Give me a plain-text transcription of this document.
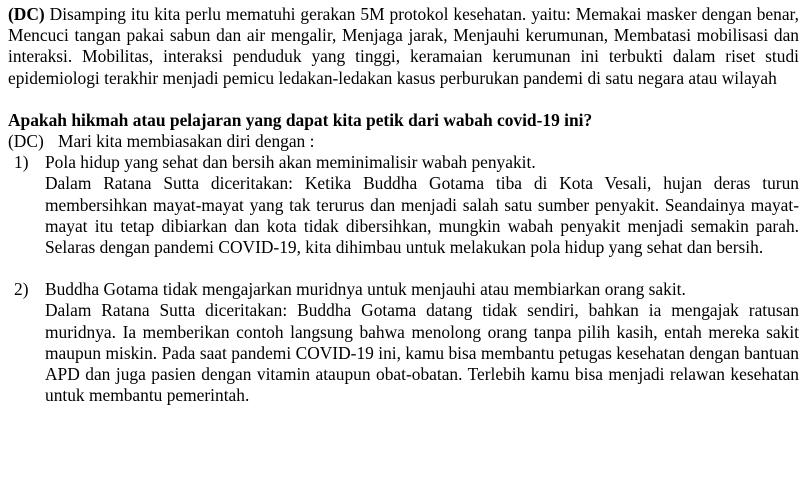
(DC) Disamping itu kita perlu mematuhi gerakan 5M protokol kesehatan. yaitu: Memakai masker dengan benar, Mencuci tangan pakai sabun dan air mengalir, Menjaga jarak, Menjauhi kerumunan, Membatasi mobilisasi dan interaksi. Mobilitas, interaksi penduduk yang tinggi, keramaian kerumunan ini terbukti dalam riset studi epidemiologi terakhir menjadi pemicu ledakan-ledakan kasus perburukan pandemi di satu negara atau wilayah

Apakah hikmah atau pelajaran yang dapat kita petik dari wabah covid-19 ini?

(DC) Mari kita membiasakan diri dengan :

1) Pola hidup yang sehat dan bersih akan meminimalisir wabah penyakit.

Dalam Ratana Sutta diceritakan: Ketika Buddha Gotama tiba di Kota Vesali, hujan deras turun membersihkan mayat-mayat yang tak terurus dan menjadi salah satu sumber penyakit. Seandainya mayat-mayat itu tetap dibiarkan dan kota tidak dibersihkan, mungkin wabah penyakit menjadi semakin parah. Selaras dengan pandemi COVID-19, kita dihimbau untuk melakukan pola hidup yang sehat dan bersih.

2) Buddha Gotama tidak mengajarkan muridnya untuk menjauhi atau membiarkan orang sakit.

Dalam Ratana Sutta diceritakan: Buddha Gotama datang tidak sendiri, bahkan ia mengajak ratusan muridnya. Ia memberikan contoh langsung bahwa menolong orang tanpa pilih kasih, entah mereka sakit maupun miskin. Pada saat pandemi COVID-19 ini, kamu bisa membantu petugas kesehatan dengan bantuan APD dan juga pasien dengan vitamin ataupun obat-obatan. Terlebih kamu bisa menjadi relawan kesehatan untuk membantu pemerintah.
